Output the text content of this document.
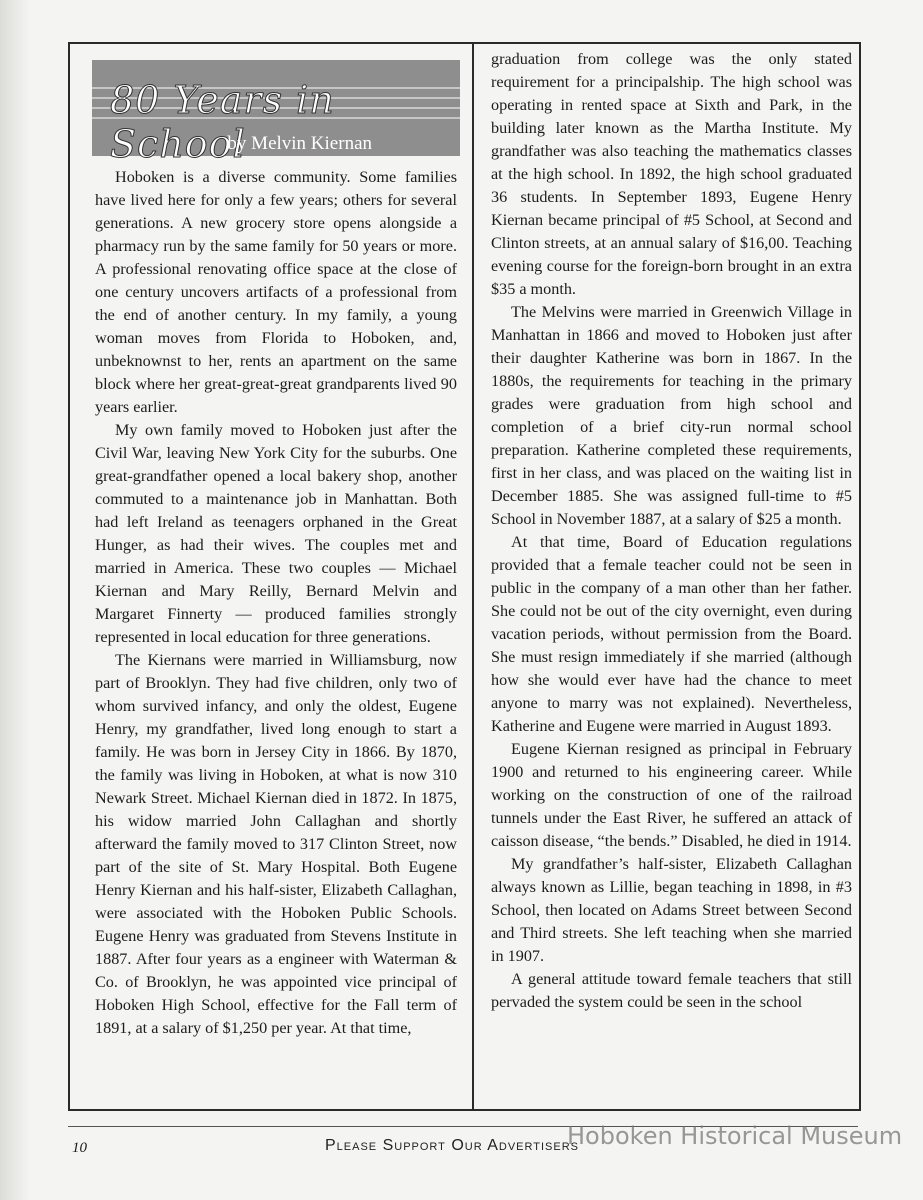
80 Years in School
by Melvin Kiernan

Hoboken is a diverse community. Some families have lived here for only a few years; others for several generations. A new grocery store opens alongside a pharmacy run by the same family for 50 years or more. A professional renovating office space at the close of one century uncovers artifacts of a professional from the end of another century. In my family, a young woman moves from Florida to Hoboken, and, unbeknownst to her, rents an apartment on the same block where her great-great-great grandparents lived 90 years earlier.

My own family moved to Hoboken just after the Civil War, leaving New York City for the suburbs. One great-grandfather opened a local bakery shop, another commuted to a maintenance job in Manhattan. Both had left Ireland as teenagers orphaned in the Great Hunger, as had their wives. The couples met and married in America. These two couples — Michael Kiernan and Mary Reilly, Bernard Melvin and Margaret Finnerty — produced families strongly represented in local education for three generations.

The Kiernans were married in Williamsburg, now part of Brooklyn. They had five children, only two of whom survived infancy, and only the oldest, Eugene Henry, my grandfather, lived long enough to start a family. He was born in Jersey City in 1866. By 1870, the family was living in Hoboken, at what is now 310 Newark Street. Michael Kiernan died in 1872. In 1875, his widow married John Callaghan and shortly afterward the family moved to 317 Clinton Street, now part of the site of St. Mary Hospital. Both Eugene Henry Kiernan and his half-sister, Elizabeth Callaghan, were associated with the Hoboken Public Schools. Eugene Henry was graduated from Stevens Institute in 1887. After four years as a engineer with Waterman & Co. of Brooklyn, he was appointed vice principal of Hoboken High School, effective for the Fall term of 1891, at a salary of $1,250 per year. At that time,

graduation from college was the only stated requirement for a principalship. The high school was operating in rented space at Sixth and Park, in the building later known as the Martha Institute. My grandfather was also teaching the mathematics classes at the high school. In 1892, the high school graduated 36 students. In September 1893, Eugene Henry Kiernan became principal of #5 School, at Second and Clinton streets, at an annual salary of $16,00. Teaching evening course for the foreign-born brought in an extra $35 a month.

The Melvins were married in Greenwich Village in Manhattan in 1866 and moved to Hoboken just after their daughter Katherine was born in 1867. In the 1880s, the requirements for teaching in the primary grades were graduation from high school and completion of a brief city-run normal school preparation. Katherine completed these requirements, first in her class, and was placed on the waiting list in December 1885. She was assigned full-time to #5 School in November 1887, at a salary of $25 a month.

At that time, Board of Education regulations provided that a female teacher could not be seen in public in the company of a man other than her father. She could not be out of the city overnight, even during vacation periods, without permission from the Board. She must resign immediately if she married (although how she would ever have had the chance to meet anyone to marry was not explained). Nevertheless, Katherine and Eugene were married in August 1893.

Eugene Kiernan resigned as principal in February 1900 and returned to his engineering career. While working on the construction of one of the railroad tunnels under the East River, he suffered an attack of caisson disease, “the bends.” Disabled, he died in 1914.

My grandfather’s half-sister, Elizabeth Callaghan always known as Lillie, began teaching in 1898, in #3 School, then located on Adams Street between Second and Third streets. She left teaching when she married in 1907.

A general attitude toward female teachers that still pervaded the system could be seen in the school

10	Please Support Our Advertisers
Hoboken Historical Museum
